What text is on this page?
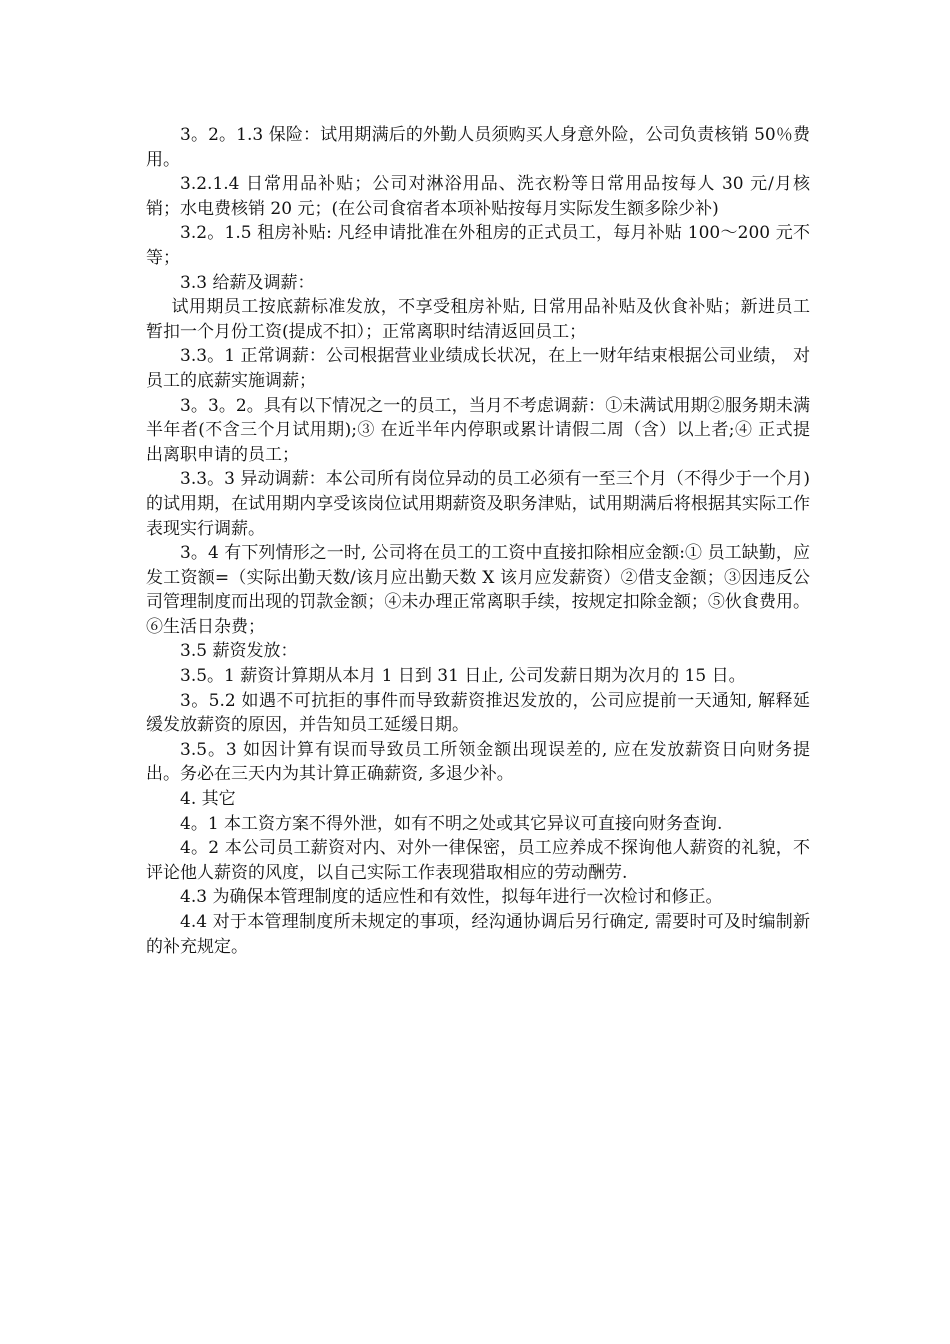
3。2。1.3 保险：试用期满后的外勤人员须购买人身意外险，公司负责核销 50％费用。

3.2.1.4 日常用品补贴；公司对淋浴用品、洗衣粉等日常用品按每人 30 元/月核销；水电费核销 20 元；(在公司食宿者本项补贴按每月实际发生额多除少补)

3.2。1.5 租房补贴: 凡经申请批准在外租房的正式员工，每月补贴 100～200 元不等；

3.3 给薪及调薪：

试用期员工按底薪标准发放，不享受租房补贴, 日常用品补贴及伙食补贴；新进员工暂扣一个月份工资(提成不扣）；正常离职时结清返回员工；

3.3。1 正常调薪：公司根据营业业绩成长状况，在上一财年结束根据公司业绩， 对员工的底薪实施调薪；

3。3。2。具有以下情况之一的员工，当月不考虑调薪：①未满试用期②服务期未满半年者(不含三个月试用期);③ 在近半年内停职或累计请假二周（含）以上者;④ 正式提出离职申请的员工；

3.3。3 异动调薪：本公司所有岗位异动的员工必须有一至三个月（不得少于一个月)的试用期，在试用期内享受该岗位试用期薪资及职务津贴，试用期满后将根据其实际工作表现实行调薪。

3。4 有下列情形之一时, 公司将在员工的工资中直接扣除相应金额:① 员工缺勤，应发工资额=（实际出勤天数/该月应出勤天数 X 该月应发薪资）②借支金额；③因违反公司管理制度而出现的罚款金额；④未办理正常离职手续，按规定扣除金额；⑤伙食费用。⑥生活日杂费；

3.5 薪资发放：

3.5。1 薪资计算期从本月 1 日到 31 日止, 公司发薪日期为次月的 15 日。

3。5.2 如遇不可抗拒的事件而导致薪资推迟发放的，公司应提前一天通知, 解释延缓发放薪资的原因，并告知员工延缓日期。

3.5。3 如因计算有误而导致员工所领金额出现误差的, 应在发放薪资日向财务提出。务必在三天内为其计算正确薪资, 多退少补。

4. 其它

4。1 本工资方案不得外泄，如有不明之处或其它异议可直接向财务查询.

4。2 本公司员工薪资对内、对外一律保密，员工应养成不探询他人薪资的礼貌，不评论他人薪资的风度，以自己实际工作表现猎取相应的劳动酬劳.

4.3 为确保本管理制度的适应性和有效性，拟每年进行一次检讨和修正。

4.4 对于本管理制度所未规定的事项，经沟通协调后另行确定, 需要时可及时编制新的补充规定。
